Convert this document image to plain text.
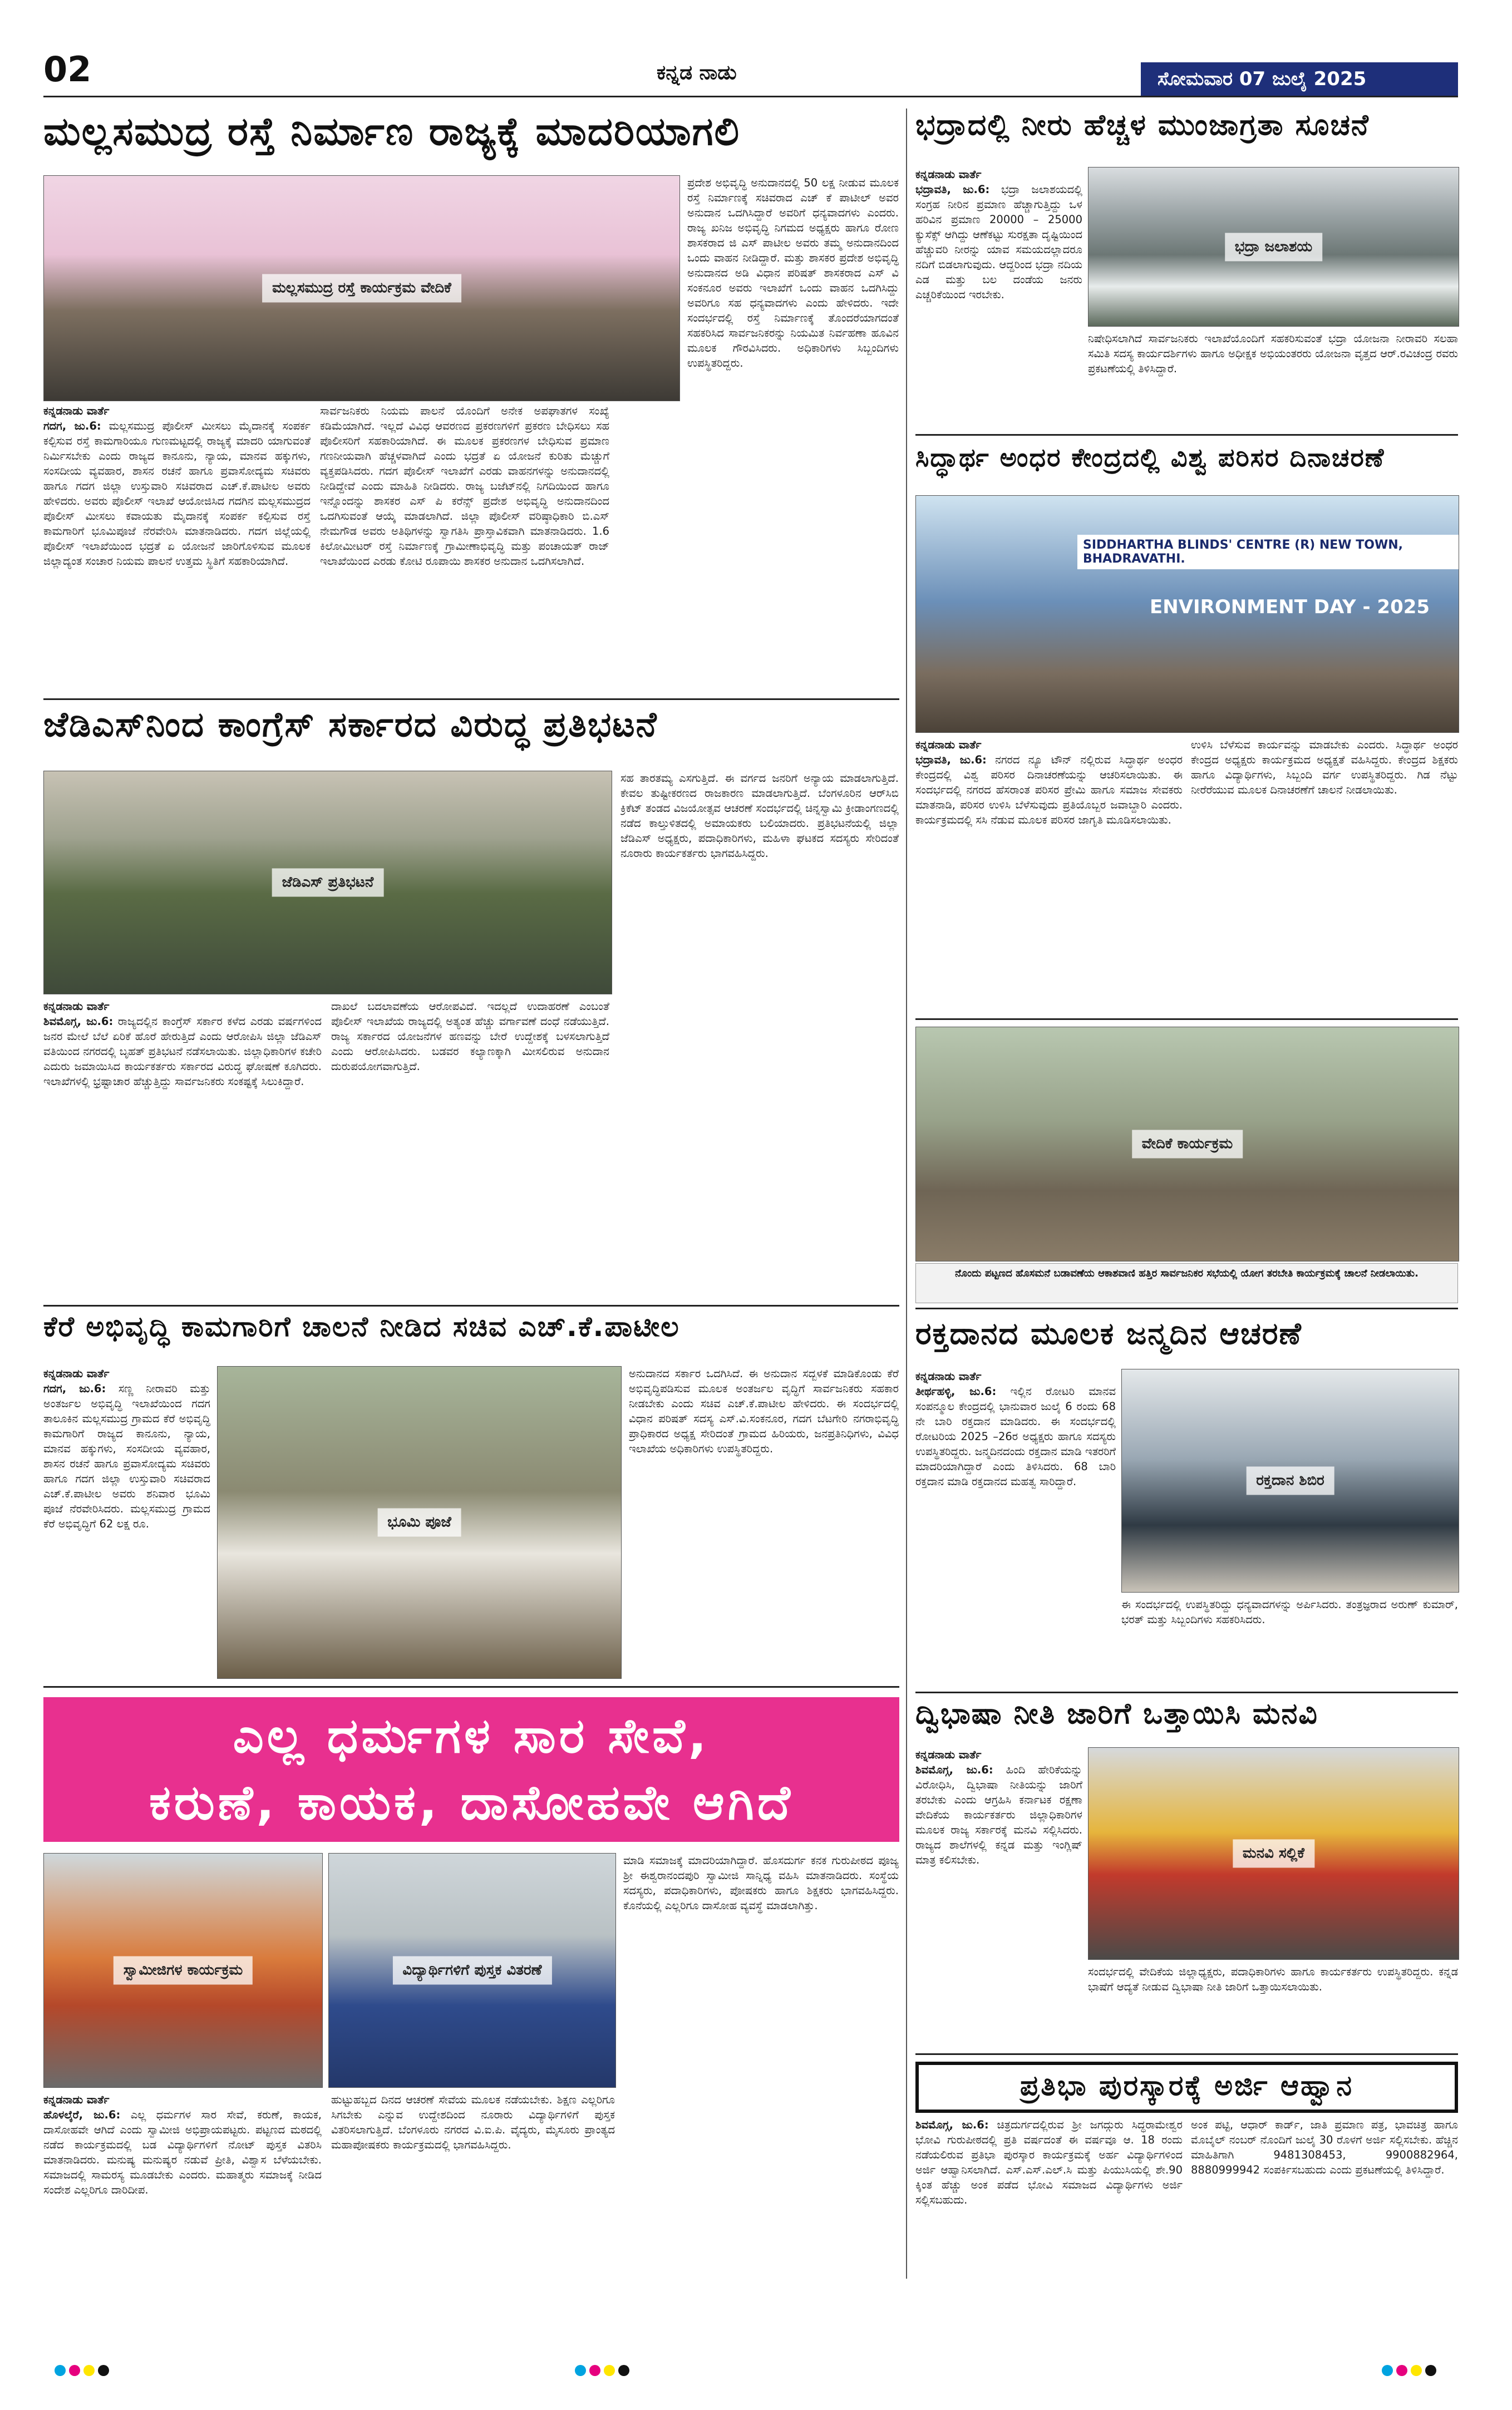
02	ಕನ್ನಡ ನಾಡು	ಸೋಮವಾರ 07 ಜುಲೈ 2025
ಮಲ್ಲಸಮುದ್ರ ರಸ್ತೆ ನಿರ್ಮಾಣ ರಾಜ್ಯಕ್ಕೆ ಮಾದರಿಯಾಗಲಿ
ಮಲ್ಲಸಮುದ್ರ ರಸ್ತೆ ಕಾರ್ಯಕ್ರಮ ವೇದಿಕೆ
ಕನ್ನಡನಾಡು ವಾರ್ತೆ
ಗದಗ, ಜು.6: ಮಲ್ಲಸಮುದ್ರ ಪೊಲೀಸ್ ಮೀಸಲು ಮೈದಾನಕ್ಕೆ ಸಂಪರ್ಕ ಕಲ್ಪಿಸುವ ರಸ್ತೆ ಕಾಮಗಾರಿಯೂ ಗುಣಮಟ್ಟದಲ್ಲಿ ರಾಜ್ಯಕ್ಕೆ ಮಾದರಿ ಯಾಗುವಂತೆ ನಿರ್ಮಿಸಬೇಕು ಎಂದು ರಾಜ್ಯದ ಕಾನೂನು, ನ್ಯಾಯ, ಮಾನವ ಹಕ್ಕುಗಳು, ಸಂಸದೀಯ ವ್ಯವಹಾರ, ಶಾಸನ ರಚನೆ ಹಾಗೂ ಪ್ರವಾಸೋದ್ಯಮ ಸಚಿವರು ಹಾಗೂ ಗದಗ ಜಿಲ್ಲಾ ಉಸ್ತುವಾರಿ ಸಚಿವರಾದ ಎಚ್.ಕೆ.ಪಾಟೀಲ ಅವರು ಹೇಳಿದರು. ಅವರು ಪೊಲೀಸ್ ಇಲಾಖೆ ಆಯೋಜಿಸಿದ ಗದಗಿನ ಮಲ್ಲಸಮುದ್ರದ ಪೊಲೀಸ್ ಮೀಸಲು ಕವಾಯತು ಮೈದಾನಕ್ಕೆ ಸಂಪರ್ಕ ಕಲ್ಪಿಸುವ ರಸ್ತೆ ಕಾಮಗಾರಿಗೆ ಭೂಮಿಪೂಜೆ ನೆರವೇರಿಸಿ ಮಾತನಾಡಿದರು. ಗದಗ ಜಿಲ್ಲೆಯಲ್ಲಿ ಪೊಲೀಸ್ ಇಲಾಖೆಯಿಂದ ಭದ್ರತೆ ಏ ಯೋಜನೆ ಜಾರಿಗೊಳಿಸುವ ಮೂಲಕ ಜಿಲ್ಲಾದ್ಯಂತ ಸಂಚಾರ ನಿಯಮ ಪಾಲನೆ ಉತ್ತಮ ಸ್ಥಿತಿಗೆ ಸಹಕಾರಿಯಾಗಿದೆ.
ಸಾರ್ವಜನಿಕರು ನಿಯಮ ಪಾಲನೆ ಯೊಂದಿಗೆ ಅನೇಕ ಅಪಘಾತಗಳ ಸಂಖ್ಯೆ ಕಡಿಮೆಯಾಗಿದೆ. ಇಲ್ಲದೆ ವಿವಿಧ ಆವರಣದ ಪ್ರಕರಣಗಳಿಗೆ ಪ್ರಕರಣ ಬೇಧಿಸಲು ಸಹ ಪೊಲೀಸರಿಗೆ ಸಹಕಾರಿಯಾಗಿದೆ. ಈ ಮೂಲಕ ಪ್ರಕರಣಗಳ ಬೇಧಿಸುವ ಪ್ರಮಾಣ ಗಣನೀಯವಾಗಿ ಹೆಚ್ಚಳವಾಗಿದೆ ಎಂದು ಭದ್ರತೆ ಏ ಯೋಜನೆ ಕುರಿತು ಮೆಚ್ಚುಗೆ ವ್ಯಕ್ತಪಡಿಸಿದರು. ಗದಗ ಪೊಲೀಸ್ ಇಲಾಖೆಗೆ ಎರಡು ವಾಹನಗಳನ್ನು ಅನುದಾನದಲ್ಲಿ ನೀಡಿದ್ದೇವೆ ಎಂದು ಮಾಹಿತಿ ನೀಡಿದರು. ರಾಜ್ಯ ಬಜೆಟ್‌ನಲ್ಲಿ ನಿಗದಿಯಿಂದ ಹಾಗೂ ಇನ್ನೊಂದನ್ನು ಶಾಸಕರ ಎಸ್ ಪಿ ಕರೆನ್ಸ್ ಪ್ರದೇಶ ಅಭಿವೃದ್ಧಿ ಅನುದಾನದಿಂದ ಒದಗಿಸುವಂತೆ ಆಯ್ಕೆ ಮಾಡಲಾಗಿದೆ. ಜಿಲ್ಲಾ ಪೊಲೀಸ್ ವರಿಷ್ಠಾಧಿಕಾರಿ ಬಿ.ಎಸ್ ನೇಮಗೌಡ ಅವರು ಅತಿಥಿಗಳನ್ನು ಸ್ವಾಗತಿಸಿ ಪ್ರಾಸ್ತಾವಿಕವಾಗಿ ಮಾತನಾಡಿದರು. 1.6 ಕಿಲೋಮೀಟರ್ ರಸ್ತೆ ನಿರ್ಮಾಣಕ್ಕೆ ಗ್ರಾಮೀಣಾಭಿವೃದ್ಧಿ ಮತ್ತು ಪಂಚಾಯತ್ ರಾಜ್ ಇಲಾಖೆಯಿಂದ ಎರಡು ಕೋಟಿ ರೂಪಾಯಿ ಶಾಸಕರ ಅನುದಾನ ಒದಗಿಸಲಾಗಿದೆ.
ಪ್ರದೇಶ ಅಭಿವೃದ್ಧಿ ಅನುದಾನದಲ್ಲಿ 50 ಲಕ್ಷ ನೀಡುವ ಮೂಲಕ ರಸ್ತೆ ನಿರ್ಮಾಣಕ್ಕೆ ಸಚಿವರಾದ ಎಚ್ ಕೆ ಪಾಟೀಲ್ ಅವರ ಅನುದಾನ ಒದಗಿಸಿದ್ದಾರೆ ಅವರಿಗೆ ಧನ್ಯವಾದಗಳು ಎಂದರು. ರಾಜ್ಯ ಖನಿಜ ಅಭಿವೃದ್ಧಿ ನಿಗಮದ ಅಧ್ಯಕ್ಷರು ಹಾಗೂ ರೋಣ ಶಾಸಕರಾದ ಜಿ ಎಸ್ ಪಾಟೀಲ ಅವರು ತಮ್ಮ ಅನುದಾನದಿಂದ ಒಂದು ವಾಹನ ನೀಡಿದ್ದಾರೆ. ಮತ್ತು ಶಾಸಕರ ಪ್ರದೇಶ ಅಭಿವೃದ್ಧಿ ಅನುದಾನದ ಅಡಿ ವಿಧಾನ ಪರಿಷತ್ ಶಾಸಕರಾದ ಎಸ್ ವಿ ಸಂಕನೂರ ಅವರು ಇಲಾಖೆಗೆ ಒಂದು ವಾಹನ ಒದಗಿಸಿದ್ದು ಅವರಿಗೂ ಸಹ ಧನ್ಯವಾದಗಳು ಎಂದು ಹೇಳಿದರು. ಇದೇ ಸಂದರ್ಭದಲ್ಲಿ ರಸ್ತೆ ನಿರ್ಮಾಣಕ್ಕೆ ತೊಂದರೆಯಾಗದಂತೆ ಸಹಕರಿಸಿದ ಸಾರ್ವಜನಿಕರನ್ನು ನಿಯಮಿತ ನಿರ್ವಹಣಾ ಹೂವಿನ ಮೂಲಕ ಗೌರವಿಸಿದರು. ಅಧಿಕಾರಿಗಳು ಸಿಬ್ಬಂದಿಗಳು ಉಪಸ್ಥಿತರಿದ್ದರು.
ಭದ್ರಾದಲ್ಲಿ ನೀರು ಹೆಚ್ಚಳ ಮುಂಜಾಗ್ರತಾ ಸೂಚನೆ
ಕನ್ನಡನಾಡು ವಾರ್ತೆ
ಭದ್ರಾವತಿ, ಜು.6: ಭದ್ರಾ ಜಲಾಶಯದಲ್ಲಿ ಸಂಗ್ರಹ ನೀರಿನ ಪ್ರಮಾಣ ಹೆಚ್ಚಾಗುತ್ತಿದ್ದು ಒಳ ಹರಿವಿನ ಪ್ರಮಾಣ 20000 – 25000 ಕ್ಯುಸೆಕ್ಸ್ ಆಗಿದ್ದು ಆಣೆಕಟ್ಟು ಸುರಕ್ಷತಾ ದೃಷ್ಟಿಯಿಂದ ಹೆಚ್ಚುವರಿ ನೀರನ್ನು ಯಾವ ಸಮಯದಲ್ಲಾದರೂ ನದಿಗೆ ಬಿಡಲಾಗುವುದು. ಆದ್ದರಿಂದ ಭದ್ರಾ ನದಿಯ ಎಡ ಮತ್ತು ಬಲ ದಂಡೆಯ ಜನರು ಎಚ್ಚರಿಕೆಯಿಂದ ಇರಬೇಕು.
ಭದ್ರಾ ಜಲಾಶಯ
ನಿಷೇಧಿಸಲಾಗಿದೆ ಸಾರ್ವಜನಿಕರು ಇಲಾಖೆಯೊಂದಿಗೆ ಸಹಕರಿಸುವಂತೆ ಭದ್ರಾ ಯೋಜನಾ ನೀರಾವರಿ ಸಲಹಾ ಸಮಿತಿ ಸದಸ್ಯ ಕಾರ್ಯದರ್ಶಿಗಳು ಹಾಗೂ ಅಧೀಕ್ಷಕ ಅಭಿಯಂತರರು ಯೋಜನಾ ವೃತ್ತದ ಆರ್.ರವಿಚಂದ್ರ ರವರು ಪ್ರಕಟಣೆಯಲ್ಲಿ ತಿಳಿಸಿದ್ದಾರೆ.
ಸಿದ್ಧಾರ್ಥ ಅಂಧರ ಕೇಂದ್ರದಲ್ಲಿ ವಿಶ್ವ ಪರಿಸರ ದಿನಾಚರಣೆ
SIDDHARTHA BLINDS' CENTRE (R) NEW TOWN, BHADRAVATHI.
ENVIRONMENT DAY - 2025
ಕನ್ನಡನಾಡು ವಾರ್ತೆ
ಭದ್ರಾವತಿ, ಜು.6: ನಗರದ ನ್ಯೂ ಟೌನ್ ನಲ್ಲಿರುವ ಸಿದ್ಧಾರ್ಥ ಅಂಧರ ಕೇಂದ್ರದಲ್ಲಿ ವಿಶ್ವ ಪರಿಸರ ದಿನಾಚರಣೆಯನ್ನು ಆಚರಿಸಲಾಯಿತು. ಈ ಸಂದರ್ಭದಲ್ಲಿ ನಗರದ ಹೆಸರಾಂತ ಪರಿಸರ ಪ್ರೇಮಿ ಹಾಗೂ ಸಮಾಜ ಸೇವಕರು ಮಾತನಾಡಿ, ಪರಿಸರ ಉಳಿಸಿ ಬೆಳೆಸುವುದು ಪ್ರತಿಯೊಬ್ಬರ ಜವಾಬ್ದಾರಿ ಎಂದರು. ಕಾರ್ಯಕ್ರಮದಲ್ಲಿ ಸಸಿ ನೆಡುವ ಮೂಲಕ ಪರಿಸರ ಜಾಗೃತಿ ಮೂಡಿಸಲಾಯಿತು.
ಉಳಿಸಿ ಬೆಳೆಸುವ ಕಾರ್ಯವನ್ನು ಮಾಡಬೇಕು ಎಂದರು. ಸಿದ್ಧಾರ್ಥ ಅಂಧರ ಕೇಂದ್ರದ ಅಧ್ಯಕ್ಷರು ಕಾರ್ಯಕ್ರಮದ ಅಧ್ಯಕ್ಷತೆ ವಹಿಸಿದ್ದರು. ಕೇಂದ್ರದ ಶಿಕ್ಷಕರು ಹಾಗೂ ವಿದ್ಯಾರ್ಥಿಗಳು, ಸಿಬ್ಬಂದಿ ವರ್ಗ ಉಪಸ್ಥಿತರಿದ್ದರು. ಗಿಡ ನೆಟ್ಟು ನೀರೆರೆಯುವ ಮೂಲಕ ದಿನಾಚರಣೆಗೆ ಚಾಲನೆ ನೀಡಲಾಯಿತು.
ವೇದಿಕೆ ಕಾರ್ಯಕ್ರಮ
ನೊಂದು ಪಟ್ಟಣದ ಹೊಸಮನೆ ಬಡಾವಣೆಯ ಆಕಾಶವಾಣಿ ಹತ್ತಿರ ಸಾರ್ವಜನಿಕರ ಸಭೆಯಲ್ಲಿ ಯೋಗ ತರಬೇತಿ ಕಾರ್ಯಕ್ರಮಕ್ಕೆ ಚಾಲನೆ ನೀಡಲಾಯಿತು.
ಜೆಡಿಎಸ್‌ನಿಂದ ಕಾಂಗ್ರೆಸ್ ಸರ್ಕಾರದ ವಿರುದ್ಧ ಪ್ರತಿಭಟನೆ
ಜೆಡಿಎಸ್ ಪ್ರತಿಭಟನೆ
ಕನ್ನಡನಾಡು ವಾರ್ತೆ
ಶಿವಮೊಗ್ಗ, ಜು.6: ರಾಜ್ಯದಲ್ಲಿನ ಕಾಂಗ್ರೆಸ್ ಸರ್ಕಾರ ಕಳೆದ ಎರಡು ವರ್ಷಗಳಿಂದ ಜನರ ಮೇಲೆ ಬೆಲೆ ಏರಿಕೆ ಹೊರೆ ಹೇರುತ್ತಿದೆ ಎಂದು ಆರೋಪಿಸಿ ಜಿಲ್ಲಾ ಜೆಡಿಎಸ್ ವತಿಯಿಂದ ನಗರದಲ್ಲಿ ಬೃಹತ್ ಪ್ರತಿಭಟನೆ ನಡೆಸಲಾಯಿತು. ಜಿಲ್ಲಾಧಿಕಾರಿಗಳ ಕಚೇರಿ ಎದುರು ಜಮಾಯಿಸಿದ ಕಾರ್ಯಕರ್ತರು ಸರ್ಕಾರದ ವಿರುದ್ಧ ಘೋಷಣೆ ಕೂಗಿದರು. ಇಲಾಖೆಗಳಲ್ಲಿ ಭ್ರಷ್ಟಾಚಾರ ಹೆಚ್ಚುತ್ತಿದ್ದು ಸಾರ್ವಜನಿಕರು ಸಂಕಷ್ಟಕ್ಕೆ ಸಿಲುಕಿದ್ದಾರೆ.
ದಾಖಲೆ ಬದಲಾವಣೆಯ ಆರೋಪವಿದೆ. ಇದಲ್ಲದೆ ಉದಾಹರಣೆ ಎಂಬಂತೆ ಪೊಲೀಸ್ ಇಲಾಖೆಯ ರಾಜ್ಯದಲ್ಲಿ ಅತ್ಯಂತ ಹೆಚ್ಚು ವರ್ಗಾವಣೆ ದಂಧೆ ನಡೆಯುತ್ತಿದೆ. ರಾಜ್ಯ ಸರ್ಕಾರದ ಯೋಜನೆಗಳ ಹಣವನ್ನು ಬೇರೆ ಉದ್ದೇಶಕ್ಕೆ ಬಳಸಲಾಗುತ್ತಿದೆ ಎಂದು ಆರೋಪಿಸಿದರು. ಬಡವರ ಕಲ್ಯಾಣಕ್ಕಾಗಿ ಮೀಸಲಿರುವ ಅನುದಾನ ದುರುಪಯೋಗವಾಗುತ್ತಿದೆ.
ಸಹ ತಾರತಮ್ಯ ಎಸಗುತ್ತಿದೆ. ಈ ವರ್ಗದ ಜನರಿಗೆ ಅನ್ಯಾಯ ಮಾಡಲಾಗುತ್ತಿದೆ. ಕೇವಲ ತುಷ್ಟೀಕರಣದ ರಾಜಕಾರಣ ಮಾಡಲಾಗುತ್ತಿದೆ. ಬೆಂಗಳೂರಿನ ಆರ್‌ಸಿಬಿ ಕ್ರಿಕೆಟ್ ತಂಡದ ವಿಜಯೋತ್ಸವ ಆಚರಣೆ ಸಂದರ್ಭದಲ್ಲಿ ಚಿನ್ನಸ್ವಾಮಿ ಕ್ರೀಡಾಂಗಣದಲ್ಲಿ ನಡೆದ ಕಾಲ್ತುಳಿತದಲ್ಲಿ ಅಮಾಯಕರು ಬಲಿಯಾದರು. ಪ್ರತಿಭಟನೆಯಲ್ಲಿ ಜಿಲ್ಲಾ ಜೆಡಿಎಸ್ ಅಧ್ಯಕ್ಷರು, ಪದಾಧಿಕಾರಿಗಳು, ಮಹಿಳಾ ಘಟಕದ ಸದಸ್ಯರು ಸೇರಿದಂತೆ ನೂರಾರು ಕಾರ್ಯಕರ್ತರು ಭಾಗವಹಿಸಿದ್ದರು.
ಕೆರೆ ಅಭಿವೃದ್ಧಿ ಕಾಮಗಾರಿಗೆ ಚಾಲನೆ ನೀಡಿದ ಸಚಿವ ಎಚ್.ಕೆ.ಪಾಟೀಲ
ಕನ್ನಡನಾಡು ವಾರ್ತೆ
ಗದಗ, ಜು.6: ಸಣ್ಣ ನೀರಾವರಿ ಮತ್ತು ಅಂತರ್ಜಲ ಅಭಿವೃದ್ಧಿ ಇಲಾಖೆಯಿಂದ ಗದಗ ತಾಲೂಕಿನ ಮಲ್ಲಸಮುದ್ರ ಗ್ರಾಮದ ಕೆರೆ ಅಭಿವೃದ್ಧಿ ಕಾಮಗಾರಿಗೆ ರಾಜ್ಯದ ಕಾನೂನು, ನ್ಯಾಯ, ಮಾನವ ಹಕ್ಕುಗಳು, ಸಂಸದೀಯ ವ್ಯವಹಾರ, ಶಾಸನ ರಚನೆ ಹಾಗೂ ಪ್ರವಾಸೋದ್ಯಮ ಸಚಿವರು ಹಾಗೂ ಗದಗ ಜಿಲ್ಲಾ ಉಸ್ತುವಾರಿ ಸಚಿವರಾದ ಎಚ್.ಕೆ.ಪಾಟೀಲ ಅವರು ಶನಿವಾರ ಭೂಮಿ ಪೂಜೆ ನೆರವೇರಿಸಿದರು. ಮಲ್ಲಸಮುದ್ರ ಗ್ರಾಮದ ಕೆರೆ ಅಭಿವೃದ್ಧಿಗೆ 62 ಲಕ್ಷ ರೂ.	ಭೂಮಿ ಪೂಜೆ
ಅನುದಾನದ ಸರ್ಕಾರ ಒದಗಿಸಿದೆ. ಈ ಅನುದಾನ ಸದ್ಬಳಕೆ ಮಾಡಿಕೊಂಡು ಕೆರೆ ಅಭಿವೃದ್ಧಿಪಡಿಸುವ ಮೂಲಕ ಅಂತರ್ಜಲ ವೃದ್ಧಿಗೆ ಸಾರ್ವಜನಿಕರು ಸಹಕಾರ ನೀಡಬೇಕು ಎಂದು ಸಚಿವ ಎಚ್.ಕೆ.ಪಾಟೀಲ ಹೇಳಿದರು. ಈ ಸಂದರ್ಭದಲ್ಲಿ ವಿಧಾನ ಪರಿಷತ್ ಸದಸ್ಯ ಎಸ್.ವಿ.ಸಂಕನೂರ, ಗದಗ ಬೆಟಗೇರಿ ನಗರಾಭಿವೃದ್ಧಿ ಪ್ರಾಧಿಕಾರದ ಅಧ್ಯಕ್ಷ ಸೇರಿದಂತೆ ಗ್ರಾಮದ ಹಿರಿಯರು, ಜನಪ್ರತಿನಿಧಿಗಳು, ವಿವಿಧ ಇಲಾಖೆಯ ಅಧಿಕಾರಿಗಳು ಉಪಸ್ಥಿತರಿದ್ದರು.
ಎಲ್ಲ ಧರ್ಮಗಳ ಸಾರ ಸೇವೆ,
ಕರುಣೆ, ಕಾಯಕ, ದಾಸೋಹವೇ ಆಗಿದೆ
ಸ್ವಾಮೀಜಿಗಳ ಕಾರ್ಯಕ್ರಮ	ವಿದ್ಯಾರ್ಥಿಗಳಿಗೆ ಪುಸ್ತಕ ವಿತರಣೆ
ಕನ್ನಡನಾಡು ವಾರ್ತೆ
ಹೊಳಲ್ಕೆರೆ, ಜು.6: ಎಲ್ಲ ಧರ್ಮಗಳ ಸಾರ ಸೇವೆ, ಕರುಣೆ, ಕಾಯಕ, ದಾಸೋಹವೇ ಆಗಿದೆ ಎಂದು ಸ್ವಾಮೀಜಿ ಅಭಿಪ್ರಾಯಪಟ್ಟರು. ಪಟ್ಟಣದ ಮಠದಲ್ಲಿ ನಡೆದ ಕಾರ್ಯಕ್ರಮದಲ್ಲಿ ಬಡ ವಿದ್ಯಾರ್ಥಿಗಳಿಗೆ ನೋಟ್ ಪುಸ್ತಕ ವಿತರಿಸಿ ಮಾತನಾಡಿದರು. ಮನುಷ್ಯ ಮನುಷ್ಯರ ನಡುವೆ ಪ್ರೀತಿ, ವಿಶ್ವಾಸ ಬೆಳೆಯಬೇಕು. ಸಮಾಜದಲ್ಲಿ ಸಾಮರಸ್ಯ ಮೂಡಬೇಕು ಎಂದರು. ಮಹಾತ್ಮರು ಸಮಾಜಕ್ಕೆ ನೀಡಿದ ಸಂದೇಶ ಎಲ್ಲರಿಗೂ ದಾರಿದೀಪ.
ಹುಟ್ಟುಹಬ್ಬದ ದಿನದ ಆಚರಣೆ ಸೇವೆಯ ಮೂಲಕ ನಡೆಯಬೇಕು. ಶಿಕ್ಷಣ ಎಲ್ಲರಿಗೂ ಸಿಗಬೇಕು ಎನ್ನುವ ಉದ್ದೇಶದಿಂದ ನೂರಾರು ವಿದ್ಯಾರ್ಥಿಗಳಿಗೆ ಪುಸ್ತಕ ವಿತರಿಸಲಾಗುತ್ತಿದೆ. ಬೆಂಗಳೂರು ನಗರದ ವಿ.ಐ.ಪಿ. ವೈದ್ಯರು, ಮೈಸೂರು ಪ್ರಾಂತ್ಯದ ಮಹಾಪೋಷಕರು ಕಾರ್ಯಕ್ರಮದಲ್ಲಿ ಭಾಗವಹಿಸಿದ್ದರು.
ಮಾಡಿ ಸಮಾಜಕ್ಕೆ ಮಾದರಿಯಾಗಿದ್ದಾರೆ. ಹೊಸದುರ್ಗ ಕನಕ ಗುರುಪೀಠದ ಪೂಜ್ಯ ಶ್ರೀ ಈಶ್ವರಾನಂದಪುರಿ ಸ್ವಾಮೀಜಿ ಸಾನ್ನಿಧ್ಯ ವಹಿಸಿ ಮಾತನಾಡಿದರು. ಸಂಸ್ಥೆಯ ಸದಸ್ಯರು, ಪದಾಧಿಕಾರಿಗಳು, ಪೋಷಕರು ಹಾಗೂ ಶಿಕ್ಷಕರು ಭಾಗವಹಿಸಿದ್ದರು. ಕೊನೆಯಲ್ಲಿ ಎಲ್ಲರಿಗೂ ದಾಸೋಹ ವ್ಯವಸ್ಥೆ ಮಾಡಲಾಗಿತ್ತು.
ರಕ್ತದಾನದ ಮೂಲಕ ಜನ್ಮದಿನ ಆಚರಣೆ
ಕನ್ನಡನಾಡು ವಾರ್ತೆ
ತೀರ್ಥಹಳ್ಳಿ, ಜು.6: ಇಲ್ಲಿನ ರೋಟರಿ ಮಾನವ ಸಂಪನ್ಮೂಲ ಕೇಂದ್ರದಲ್ಲಿ ಭಾನುವಾರ ಜುಲೈ 6 ರಂದು 68 ನೇ ಬಾರಿ ರಕ್ತದಾನ ಮಾಡಿದರು. ಈ ಸಂದರ್ಭದಲ್ಲಿ ರೋಟರಿಯ 2025 –26ರ ಅಧ್ಯಕ್ಷರು ಹಾಗೂ ಸದಸ್ಯರು ಉಪಸ್ಥಿತರಿದ್ದರು. ಜನ್ಮದಿನದಂದು ರಕ್ತದಾನ ಮಾಡಿ ಇತರರಿಗೆ ಮಾದರಿಯಾಗಿದ್ದಾರೆ ಎಂದು ತಿಳಿಸಿದರು. 68 ಬಾರಿ ರಕ್ತದಾನ ಮಾಡಿ ರಕ್ತದಾನದ ಮಹತ್ವ ಸಾರಿದ್ದಾರೆ.	ರಕ್ತದಾನ ಶಿಬಿರ
ಈ ಸಂದರ್ಭದಲ್ಲಿ ಉಪಸ್ಥಿತರಿದ್ದು ಧನ್ಯವಾದಗಳನ್ನು ಅರ್ಪಿಸಿದರು. ತಂತ್ರಜ್ಞರಾದ ಅರುಣ್ ಕುಮಾರ್, ಭರತ್ ಮತ್ತು ಸಿಬ್ಬಂದಿಗಳು ಸಹಕರಿಸಿದರು.
ದ್ವಿಭಾಷಾ ನೀತಿ ಜಾರಿಗೆ ಒತ್ತಾಯಿಸಿ ಮನವಿ
ಕನ್ನಡನಾಡು ವಾರ್ತೆ
ಶಿವಮೊಗ್ಗ, ಜು.6: ಹಿಂದಿ ಹೇರಿಕೆಯನ್ನು ವಿರೋಧಿಸಿ, ದ್ವಿಭಾಷಾ ನೀತಿಯನ್ನು ಜಾರಿಗೆ ತರಬೇಕು ಎಂದು ಆಗ್ರಹಿಸಿ ಕರ್ನಾಟಕ ರಕ್ಷಣಾ ವೇದಿಕೆಯ ಕಾರ್ಯಕರ್ತರು ಜಿಲ್ಲಾಧಿಕಾರಿಗಳ ಮೂಲಕ ರಾಜ್ಯ ಸರ್ಕಾರಕ್ಕೆ ಮನವಿ ಸಲ್ಲಿಸಿದರು. ರಾಜ್ಯದ ಶಾಲೆಗಳಲ್ಲಿ ಕನ್ನಡ ಮತ್ತು ಇಂಗ್ಲಿಷ್ ಮಾತ್ರ ಕಲಿಸಬೇಕು.	ಮನವಿ ಸಲ್ಲಿಕೆ
ಸಂದರ್ಭದಲ್ಲಿ ವೇದಿಕೆಯ ಜಿಲ್ಲಾಧ್ಯಕ್ಷರು, ಪದಾಧಿಕಾರಿಗಳು ಹಾಗೂ ಕಾರ್ಯಕರ್ತರು ಉಪಸ್ಥಿತರಿದ್ದರು. ಕನ್ನಡ ಭಾಷೆಗೆ ಆದ್ಯತೆ ನೀಡುವ ದ್ವಿಭಾಷಾ ನೀತಿ ಜಾರಿಗೆ ಒತ್ತಾಯಿಸಲಾಯಿತು.
ಪ್ರತಿಭಾ ಪುರಸ್ಕಾರಕ್ಕೆ ಅರ್ಜಿ ಆಹ್ವಾನ
ಶಿವಮೊಗ್ಗ, ಜು.6: ಚಿತ್ರದುರ್ಗದಲ್ಲಿರುವ ಶ್ರೀ ಜಗದ್ಗುರು ಸಿದ್ಧರಾಮೇಶ್ವರ ಭೋವಿ ಗುರುಪೀಠದಲ್ಲಿ ಪ್ರತಿ ವರ್ಷದಂತೆ ಈ ವರ್ಷವೂ ಆ. 18 ರಂದು ನಡೆಯಲಿರುವ ಪ್ರತಿಭಾ ಪುರಸ್ಕಾರ ಕಾರ್ಯಕ್ರಮಕ್ಕೆ ಅರ್ಹ ವಿದ್ಯಾರ್ಥಿಗಳಿಂದ ಅರ್ಜಿ ಆಹ್ವಾನಿಸಲಾಗಿದೆ. ಎಸ್.ಎಸ್.ಎಲ್.ಸಿ ಮತ್ತು ಪಿಯುಸಿಯಲ್ಲಿ ಶೇ.90 ಕ್ಕಿಂತ ಹೆಚ್ಚು ಅಂಕ ಪಡೆದ ಭೋವಿ ಸಮಾಜದ ವಿದ್ಯಾರ್ಥಿಗಳು ಅರ್ಜಿ ಸಲ್ಲಿಸಬಹುದು.
ಅಂಕ ಪಟ್ಟಿ, ಆಧಾರ್ ಕಾರ್ಡ್, ಜಾತಿ ಪ್ರಮಾಣ ಪತ್ರ, ಭಾವಚಿತ್ರ ಹಾಗೂ ಮೊಬೈಲ್ ನಂಬರ್ ನೊಂದಿಗೆ ಜುಲೈ 30 ರೊಳಗೆ ಅರ್ಜಿ ಸಲ್ಲಿಸಬೇಕು. ಹೆಚ್ಚಿನ ಮಾಹಿತಿಗಾಗಿ 9481308453, 9900882964, 8880999942 ಸಂಪರ್ಕಿಸಬಹುದು ಎಂದು ಪ್ರಕಟಣೆಯಲ್ಲಿ ತಿಳಿಸಿದ್ದಾರೆ.
